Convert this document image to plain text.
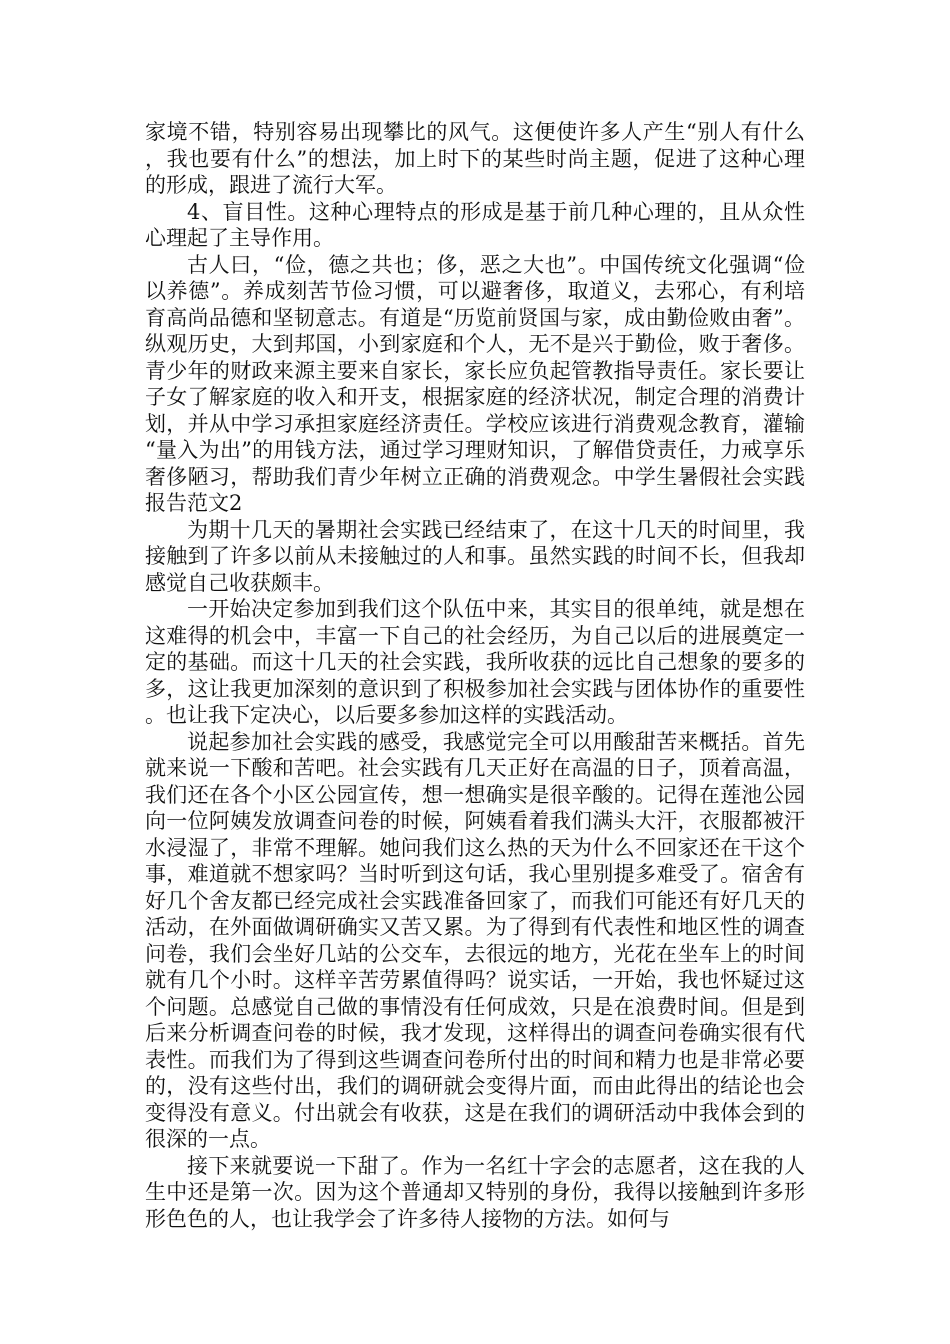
家境不错，特别容易出现攀比的风气。这便使许多人产生“别人有什么，我也要有什么”的想法，加上时下的某些时尚主题，促进了这种心理的形成，跟进了流行大军。

4、盲目性。这种心理特点的形成是基于前几种心理的，且从众性心理起了主导作用。

古人曰，“俭，德之共也；侈，恶之大也”。中国传统文化强调“俭以养德”。养成刻苦节俭习惯，可以避奢侈，取道义，去邪心，有利培育高尚品德和坚韧意志。有道是“历览前贤国与家，成由勤俭败由奢”。纵观历史，大到邦国，小到家庭和个人，无不是兴于勤俭，败于奢侈。青少年的财政来源主要来自家长，家长应负起管教指导责任。家长要让子女了解家庭的收入和开支，根据家庭的经济状况，制定合理的消费计划，并从中学习承担家庭经济责任。学校应该进行消费观念教育，灌输“量入为出”的用钱方法，通过学习理财知识，了解借贷责任，力戒享乐奢侈陋习，帮助我们青少年树立正确的消费观念。中学生暑假社会实践报告范文2

为期十几天的暑期社会实践已经结束了，在这十几天的时间里，我接触到了许多以前从未接触过的人和事。虽然实践的时间不长，但我却感觉自己收获颇丰。

一开始决定参加到我们这个队伍中来，其实目的很单纯，就是想在这难得的机会中，丰富一下自己的社会经历，为自己以后的进展奠定一定的基础。而这十几天的社会实践，我所收获的远比自己想象的要多的多，这让我更加深刻的意识到了积极参加社会实践与团体协作的重要性。也让我下定决心，以后要多参加这样的实践活动。

说起参加社会实践的感受，我感觉完全可以用酸甜苦来概括。首先就来说一下酸和苦吧。社会实践有几天正好在高温的日子，顶着高温，我们还在各个小区公园宣传，想一想确实是很辛酸的。记得在莲池公园向一位阿姨发放调查问卷的时候，阿姨看着我们满头大汗，衣服都被汗水浸湿了，非常不理解。她问我们这么热的天为什么不回家还在干这个事，难道就不想家吗？当时听到这句话，我心里别提多难受了。宿舍有好几个舍友都已经完成社会实践准备回家了，而我们可能还有好几天的活动，在外面做调研确实又苦又累。为了得到有代表性和地区性的调查问卷，我们会坐好几站的公交车，去很远的地方，光花在坐车上的时间就有几个小时。这样辛苦劳累值得吗？说实话，一开始，我也怀疑过这个问题。总感觉自己做的事情没有任何成效，只是在浪费时间。但是到后来分析调查问卷的时候，我才发现，这样得出的调查问卷确实很有代表性。而我们为了得到这些调查问卷所付出的时间和精力也是非常必要的，没有这些付出，我们的调研就会变得片面，而由此得出的结论也会变得没有意义。付出就会有收获，这是在我们的调研活动中我体会到的很深的一点。

接下来就要说一下甜了。作为一名红十字会的志愿者，这在我的人生中还是第一次。因为这个普通却又特别的身份，我得以接触到许多形形色色的人，也让我学会了许多待人接物的方法。如何与
